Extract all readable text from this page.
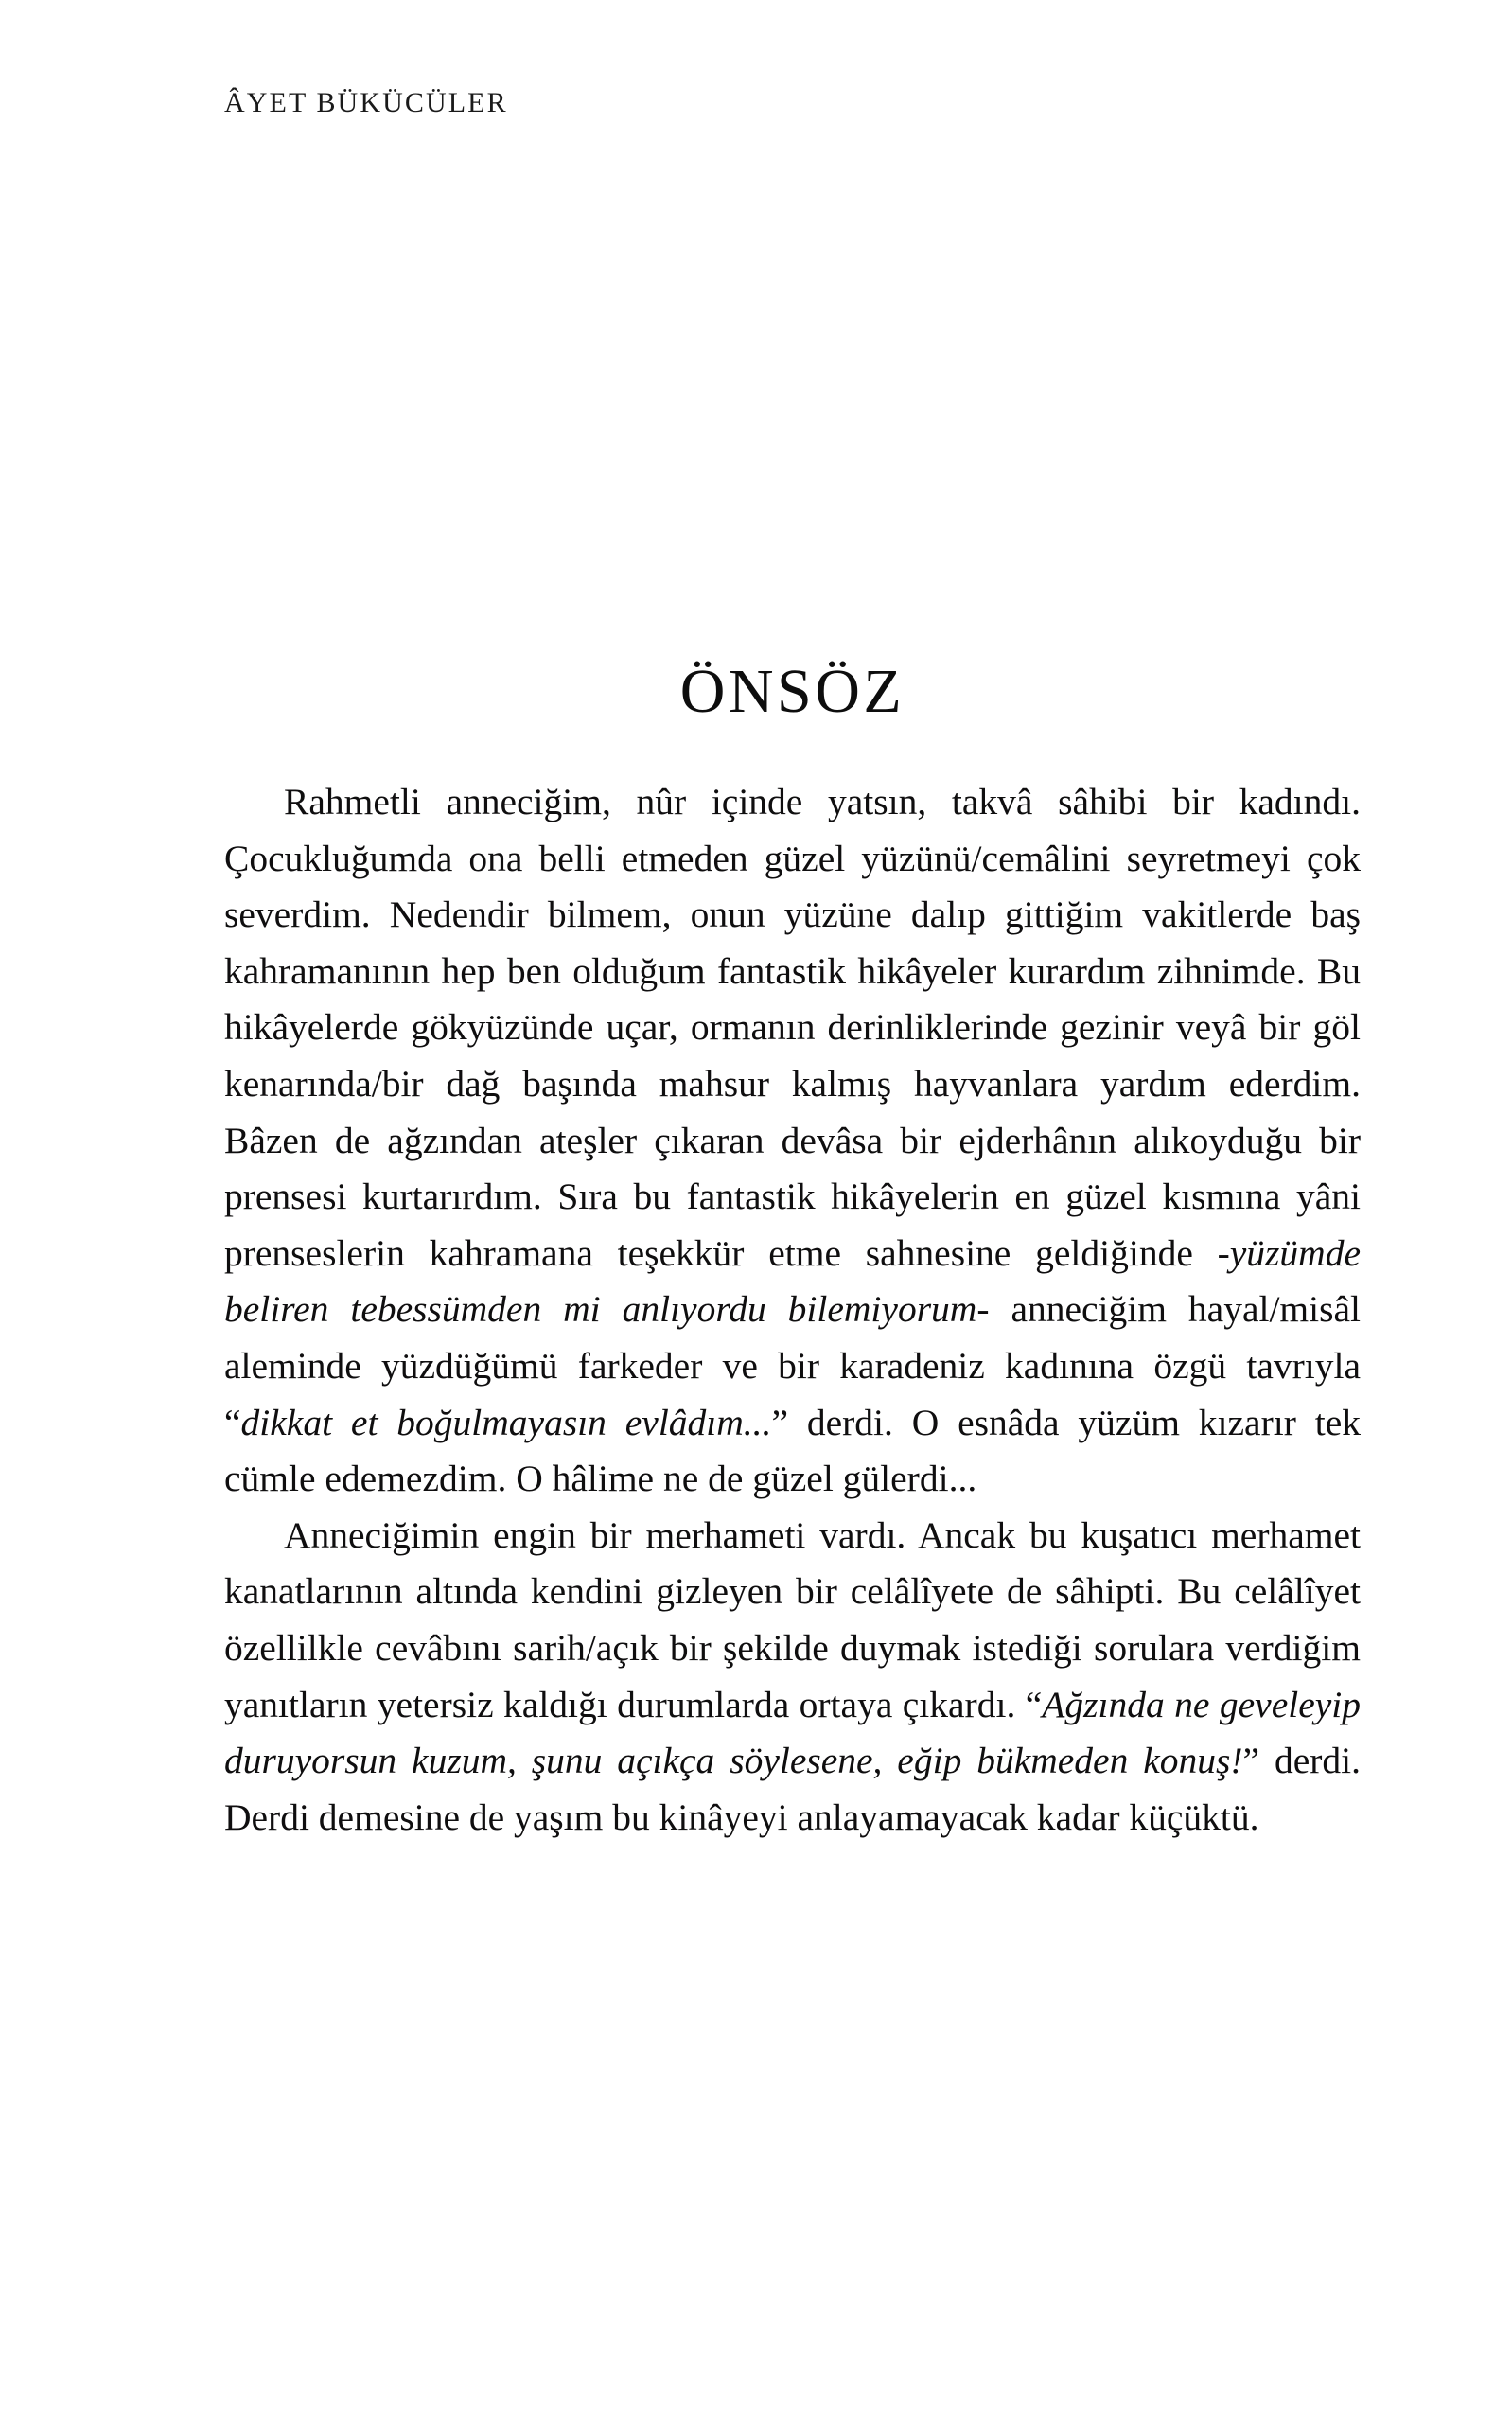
ÂYET BÜKÜCÜLER
ÖNSÖZ

Rahmetli anneciğim, nûr içinde yatsın, takvâ sâhibi bir kadındı. Çocukluğumda ona belli etmeden güzel yüzünü/cemâlini seyretmeyi çok severdim. Nedendir bilmem, onun yüzüne dalıp gittiğim vakitlerde baş kahramanının hep ben olduğum fantastik hikâyeler kurardım zihnimde. Bu hikâyelerde gökyüzünde uçar, ormanın derinliklerinde gezinir veyâ bir göl kenarında/bir dağ başında mahsur kalmış hayvanlara yardım ederdim. Bâzen de ağzından ateşler çıkaran devâsa bir ejderhânın alıkoyduğu bir prensesi kurtarırdım. Sıra bu fantastik hikâyelerin en güzel kısmına yâni prenseslerin kahramana teşekkür etme sahnesine geldiğinde -yüzümde beliren tebessümden mi anlıyordu bilemiyorum- anneciğim hayal/misâl aleminde yüzdüğümü farkeder ve bir karadeniz kadınına özgü tavrıyla “dikkat et boğulmayasın evlâdım...” derdi. O esnâda yüzüm kızarır tek cümle edemezdim. O hâlime ne de güzel gülerdi...

Anneciğimin engin bir merhameti vardı. Ancak bu kuşatıcı merhamet kanatlarının altında kendini gizleyen bir celâlîyete de sâhipti. Bu celâlîyet özellilkle cevâbını sarih/açık bir şekilde duymak istediği sorulara verdiğim yanıtların yetersiz kaldığı durumlarda ortaya çıkardı. “Ağzında ne geveleyip duruyorsun kuzum, şunu açıkça söylesene, eğip bükmeden konuş!” derdi. Derdi demesine de yaşım bu kinâyeyi anlayamayacak kadar küçüktü.
